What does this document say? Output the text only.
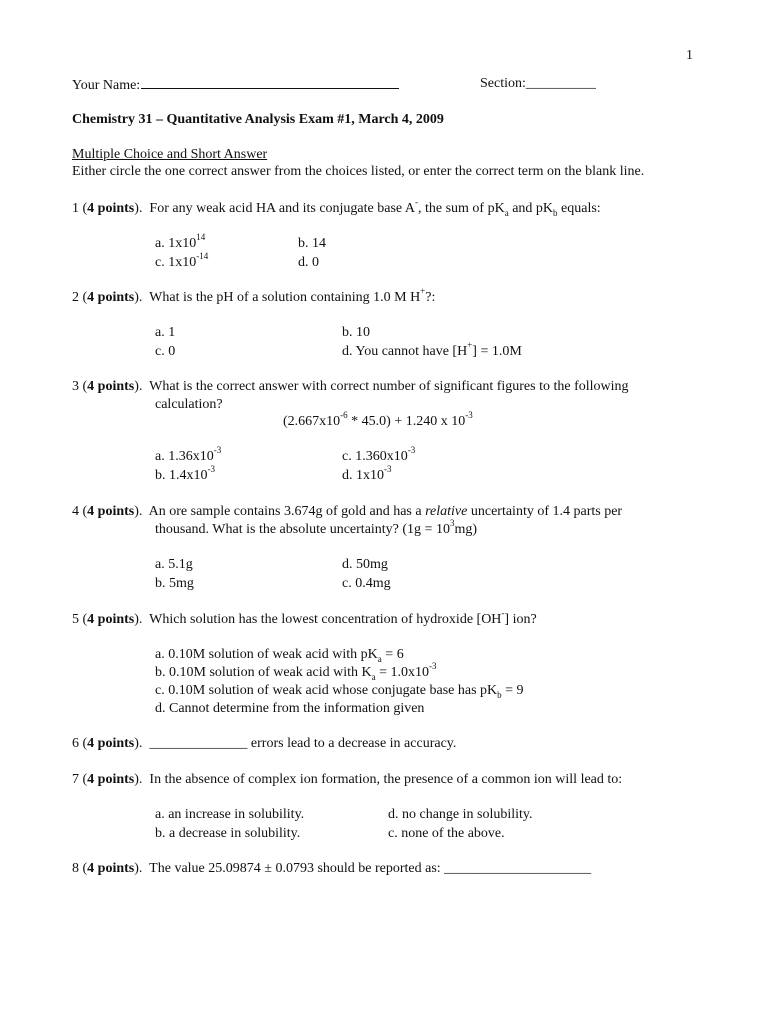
1
Your Name:	Section:__________
Chemistry 31 – Quantitative Analysis Exam #1, March 4, 2009
Multiple Choice and Short Answer
Either circle the one correct answer from the choices listed, or enter the correct term on the blank line.
1 (4 points). For any weak acid HA and its conjugate base A-, the sum of $pK_a$ and $pK_b$ equals:
a. $1x10^{14}$	b. 14
c. $1x10^{-14}$	d. 0
2 (4 points). What is the pH of a solution containing 1.0 M H+?:
a. 1	b. 10
c. 0	d. You cannot have [H+] = 1.0M
3 (4 points). What is the correct answer with correct number of significant figures to the following
calculation?
$(2.667x10^{-6} * 45.0) + 1.240$ x $10^{-3}$
a. $1.36x10^{-3}$	c. $1.360x10^{-3}$
b. $1.4x10^{-3}$	d. $1x10^{-3}$
4 (4 points). An ore sample contains 3.674g of gold and has a relative uncertainty of 1.4 parts per
thousand. What is the absolute uncertainty? $(1g = 10^3mg)$
a. 5.1g	d. 50mg
b. 5mg	c. 0.4mg
5 (4 points). Which solution has the lowest concentration of hydroxide [OH-] ion?
a. 0.10M solution of weak acid with $pK_a = 6$
b. 0.10M solution of weak acid with $K_a = 1.0x10^{-3}$
c. 0.10M solution of weak acid whose conjugate base has $pK_b = 9$
d. Cannot determine from the information given
6 (4 points). ______________ errors lead to a decrease in accuracy.
7 (4 points). In the absence of complex ion formation, the presence of a common ion will lead to:
a. an increase in solubility.	d. no change in solubility.
b. a decrease in solubility.	c. none of the above.
8 (4 points). The value 25.09874 ± 0.0793 should be reported as: _____________________
